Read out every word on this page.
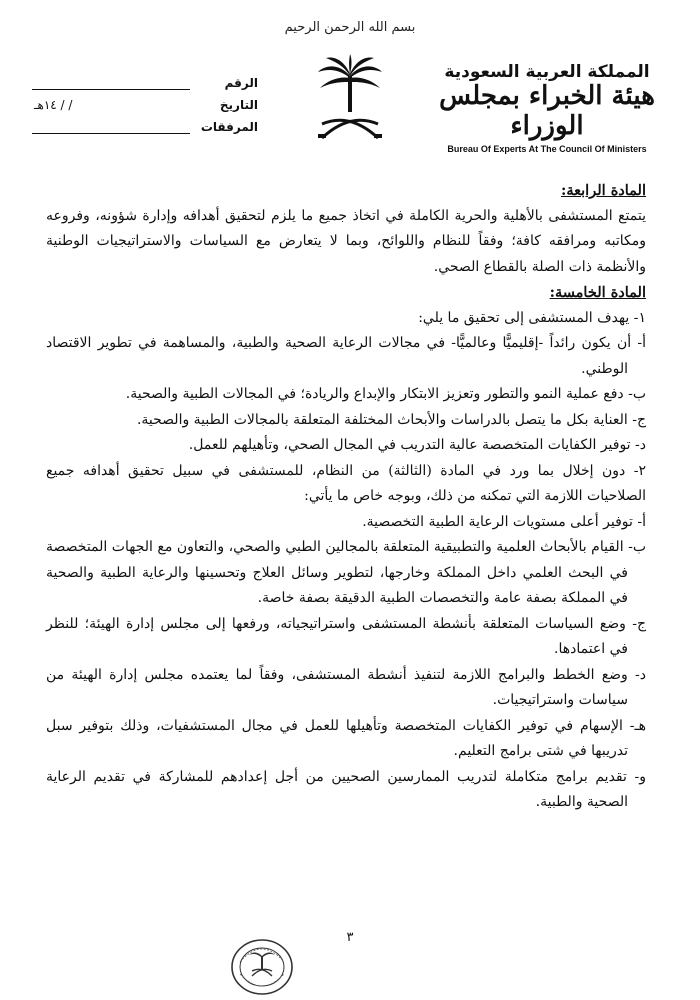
بسم الله الرحمن الرحيم
المملكة العربية السعودية
هيئة الخبراء بمجلس الوزراء
Bureau Of Experts At The Council Of Ministers
الرقم
التاريخ
/ / ١٤هـ
المرفقات

المادة الرابعة:

يتمتع المستشفى بالأهلية والحرية الكاملة في اتخاذ جميع ما يلزم لتحقيق أهدافه وإدارة شؤونه، وفروعه ومكاتبه ومرافقه كافة؛ وفقاً للنظام واللوائح، وبما لا يتعارض مع السياسات والاستراتيجيات الوطنية والأنظمة ذات الصلة بالقطاع الصحي.

المادة الخامسة:

١- يهدف المستشفى إلى تحقيق ما يلي:

أ- أن يكون رائداً -إقليميًّا وعالميًّا- في مجالات الرعاية الصحية والطبية، والمساهمة في تطوير الاقتصاد الوطني.

ب- دفع عملية النمو والتطور وتعزيز الابتكار والإبداع والريادة؛ في المجالات الطبية والصحية.

ج- العناية بكل ما يتصل بالدراسات والأبحاث المختلفة المتعلقة بالمجالات الطبية والصحية.

د- توفير الكفايات المتخصصة عالية التدريب في المجال الصحي، وتأهيلهم للعمل.

٢- دون إخلال بما ورد في المادة (الثالثة) من النظام، للمستشفى في سبيل تحقيق أهدافه جميع الصلاحيات اللازمة التي تمكنه من ذلك، وبوجه خاص ما يأتي:

أ- توفير أعلى مستويات الرعاية الطبية التخصصية.

ب- القيام بالأبحاث العلمية والتطبيقية المتعلقة بالمجالين الطبي والصحي، والتعاون مع الجهات المتخصصة في البحث العلمي داخل المملكة وخارجها، لتطوير وسائل العلاج وتحسينها والرعاية الطبية والصحية في المملكة بصفة عامة والتخصصات الطبية الدقيقة بصفة خاصة.

ج- وضع السياسات المتعلقة بأنشطة المستشفى واستراتيجياته، ورفعها إلى مجلس إدارة الهيئة؛ للنظر في اعتمادها.

د- وضع الخطط والبرامج اللازمة لتنفيذ أنشطة المستشفى، وفقاً لما يعتمده مجلس إدارة الهيئة من سياسات واستراتيجيات.

هـ- الإسهام في توفير الكفايات المتخصصة وتأهيلها للعمل في مجال المستشفيات، وذلك بتوفير سبل تدريبها في شتى برامج التعليم.

و- تقديم برامج متكاملة لتدريب الممارسين الصحيين من أجل إعدادهم للمشاركة في تقديم الرعاية الصحية والطبية.

٣
